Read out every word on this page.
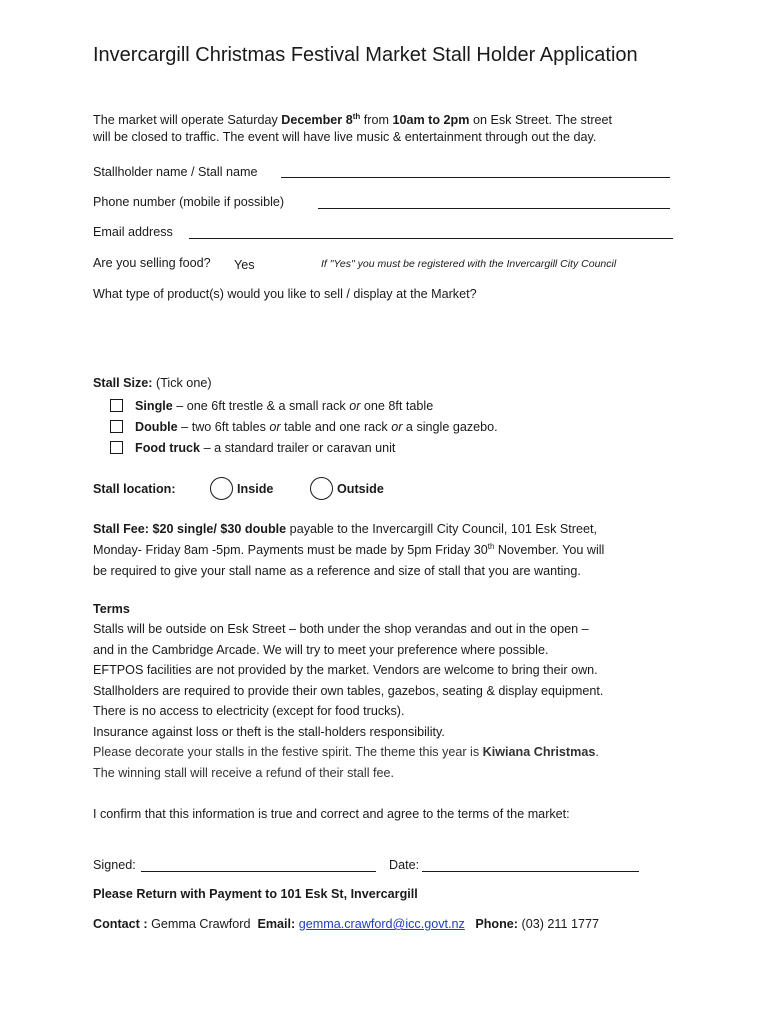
Invercargill Christmas Festival Market Stall Holder Application
The market will operate Saturday December 8th from 10am to 2pm on Esk Street. The street
will be closed to traffic. The event will have live music & entertainment through out the day.
Stallholder name / Stall name
Phone number (mobile if possible)
Email address
Are you selling food? Yes	If "Yes" you must be registered with the Invercargill City Council
What type of product(s) would you like to sell / display at the Market?
Stall Size: (Tick one)
Single – one 6ft trestle & a small rack or one 8ft table
Double – two 6ft tables or table and one rack or a single gazebo.
Food truck – a standard trailer or caravan unit
Stall location:	Inside	Outside
Stall Fee: $20 single/ $30 double payable to the Invercargill City Council, 101 Esk Street,
Monday- Friday 8am -5pm. Payments must be made by 5pm Friday 30th November. You will
be required to give your stall name as a reference and size of stall that you are wanting.
Terms
Stalls will be outside on Esk Street – both under the shop verandas and out in the open –
and in the Cambridge Arcade. We will try to meet your preference where possible.
EFTPOS facilities are not provided by the market. Vendors are welcome to bring their own.
Stallholders are required to provide their own tables, gazebos, seating & display equipment.
There is no access to electricity (except for food trucks).
Insurance against loss or theft is the stall-holders responsibility.
Please decorate your stalls in the festive spirit. The theme this year is Kiwiana Christmas.
The winning stall will receive a refund of their stall fee.
I confirm that this information is true and correct and agree to the terms of the market:
Signed:	Date:
Please Return with Payment to 101 Esk St, Invercargill
Contact : Gemma Crawford Email: gemma.crawford@icc.govt.nz Phone: (03) 211 1777
